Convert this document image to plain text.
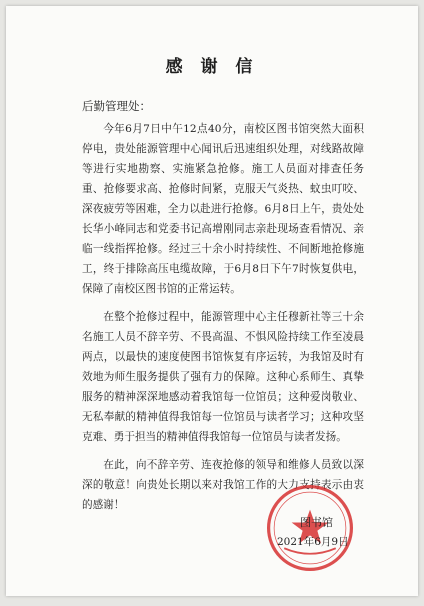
感 谢 信
后勤管理处：

今年6月7日中午12点40分，南校区图书馆突然大面积停电，贵处能源管理中心闻讯后迅速组织处理，对线路故障等进行实地勘察、实施紧急抢修。施工人员面对排查任务重、抢修要求高、抢修时间紧，克服天气炎热、蚊虫叮咬、深夜疲劳等困难，全力以赴进行抢修。6月8日上午，贵处处长华小峰同志和党委书记高增刚同志亲赴现场查看情况、亲临一线指挥抢修。经过三十余小时持续性、不间断地抢修施工，终于排除高压电缆故障，于6月8日下午7时恢复供电，保障了南校区图书馆的正常运转。

在整个抢修过程中，能源管理中心主任穆新社等三十余名施工人员不辞辛劳、不畏高温、不惧风险持续工作至凌晨两点，以最快的速度使图书馆恢复有序运转，为我馆及时有效地为师生服务提供了强有力的保障。这种心系师生、真挚服务的精神深深地感动着我馆每一位馆员；这种爱岗敬业、无私奉献的精神值得我馆每一位馆员与读者学习；这种攻坚克难、勇于担当的精神值得我馆每一位馆员与读者发扬。

在此，向不辞辛劳、连夜抢修的领导和维修人员致以深深的敬意！向贵处长期以来对我馆工作的大力支持表示由衷的感谢！

图书馆
2021年6月9日
